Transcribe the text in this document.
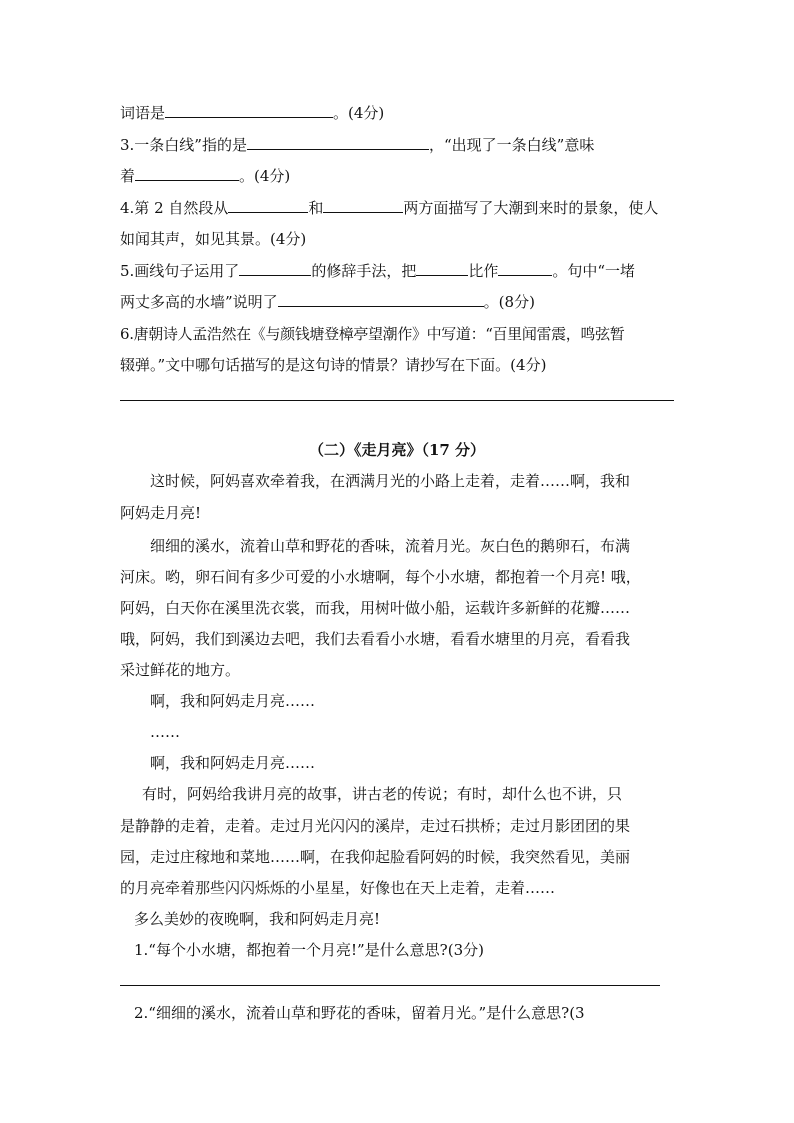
词语是	。(4分)
3.一条白线”指的是	，“出现了一条白线”意味
着	。(4分)
4.第 2 自然段从	和	两方面描写了大潮到来时的景象，使人
如闻其声，如见其景。(4分)
5.画线句子运用了	的修辞手法，把	比作	。句中“一堵
两丈多高的水墙”说明了	。(8分)
6.唐朝诗人孟浩然在《与颜钱塘登樟亭望潮作》中写道：“百里闻雷震，鸣弦暂
辍弹。”文中哪句话描写的是这句诗的情景？请抄写在下面。(4分)
（二）《走月亮》（17 分）
这时候，阿妈喜欢牵着我，在洒满月光的小路上走着，走着……啊，我和
阿妈走月亮!
细细的溪水，流着山草和野花的香味，流着月光。灰白色的鹅卵石，布满
河床。哟，卵石间有多少可爱的小水塘啊，每个小水塘，都抱着一个月亮! 哦，
阿妈，白天你在溪里洗衣裳，而我，用树叶做小船，运载许多新鲜的花瓣……
哦，阿妈，我们到溪边去吧，我们去看看小水塘，看看水塘里的月亮，看看我
采过鲜花的地方。
啊，我和阿妈走月亮……
……
啊，我和阿妈走月亮……
有时，阿妈给我讲月亮的故事，讲古老的传说；有时，却什么也不讲，只
是静静的走着，走着。走过月光闪闪的溪岸，走过石拱桥；走过月影团团的果
园，走过庄稼地和菜地……啊，在我仰起脸看阿妈的时候，我突然看见，美丽
的月亮牵着那些闪闪烁烁的小星星，好像也在天上走着，走着……
多么美妙的夜晚啊，我和阿妈走月亮!
1.“每个小水塘，都抱着一个月亮!”是什么意思?(3分)
2.“细细的溪水，流着山草和野花的香味，留着月光。”是什么意思?(3
